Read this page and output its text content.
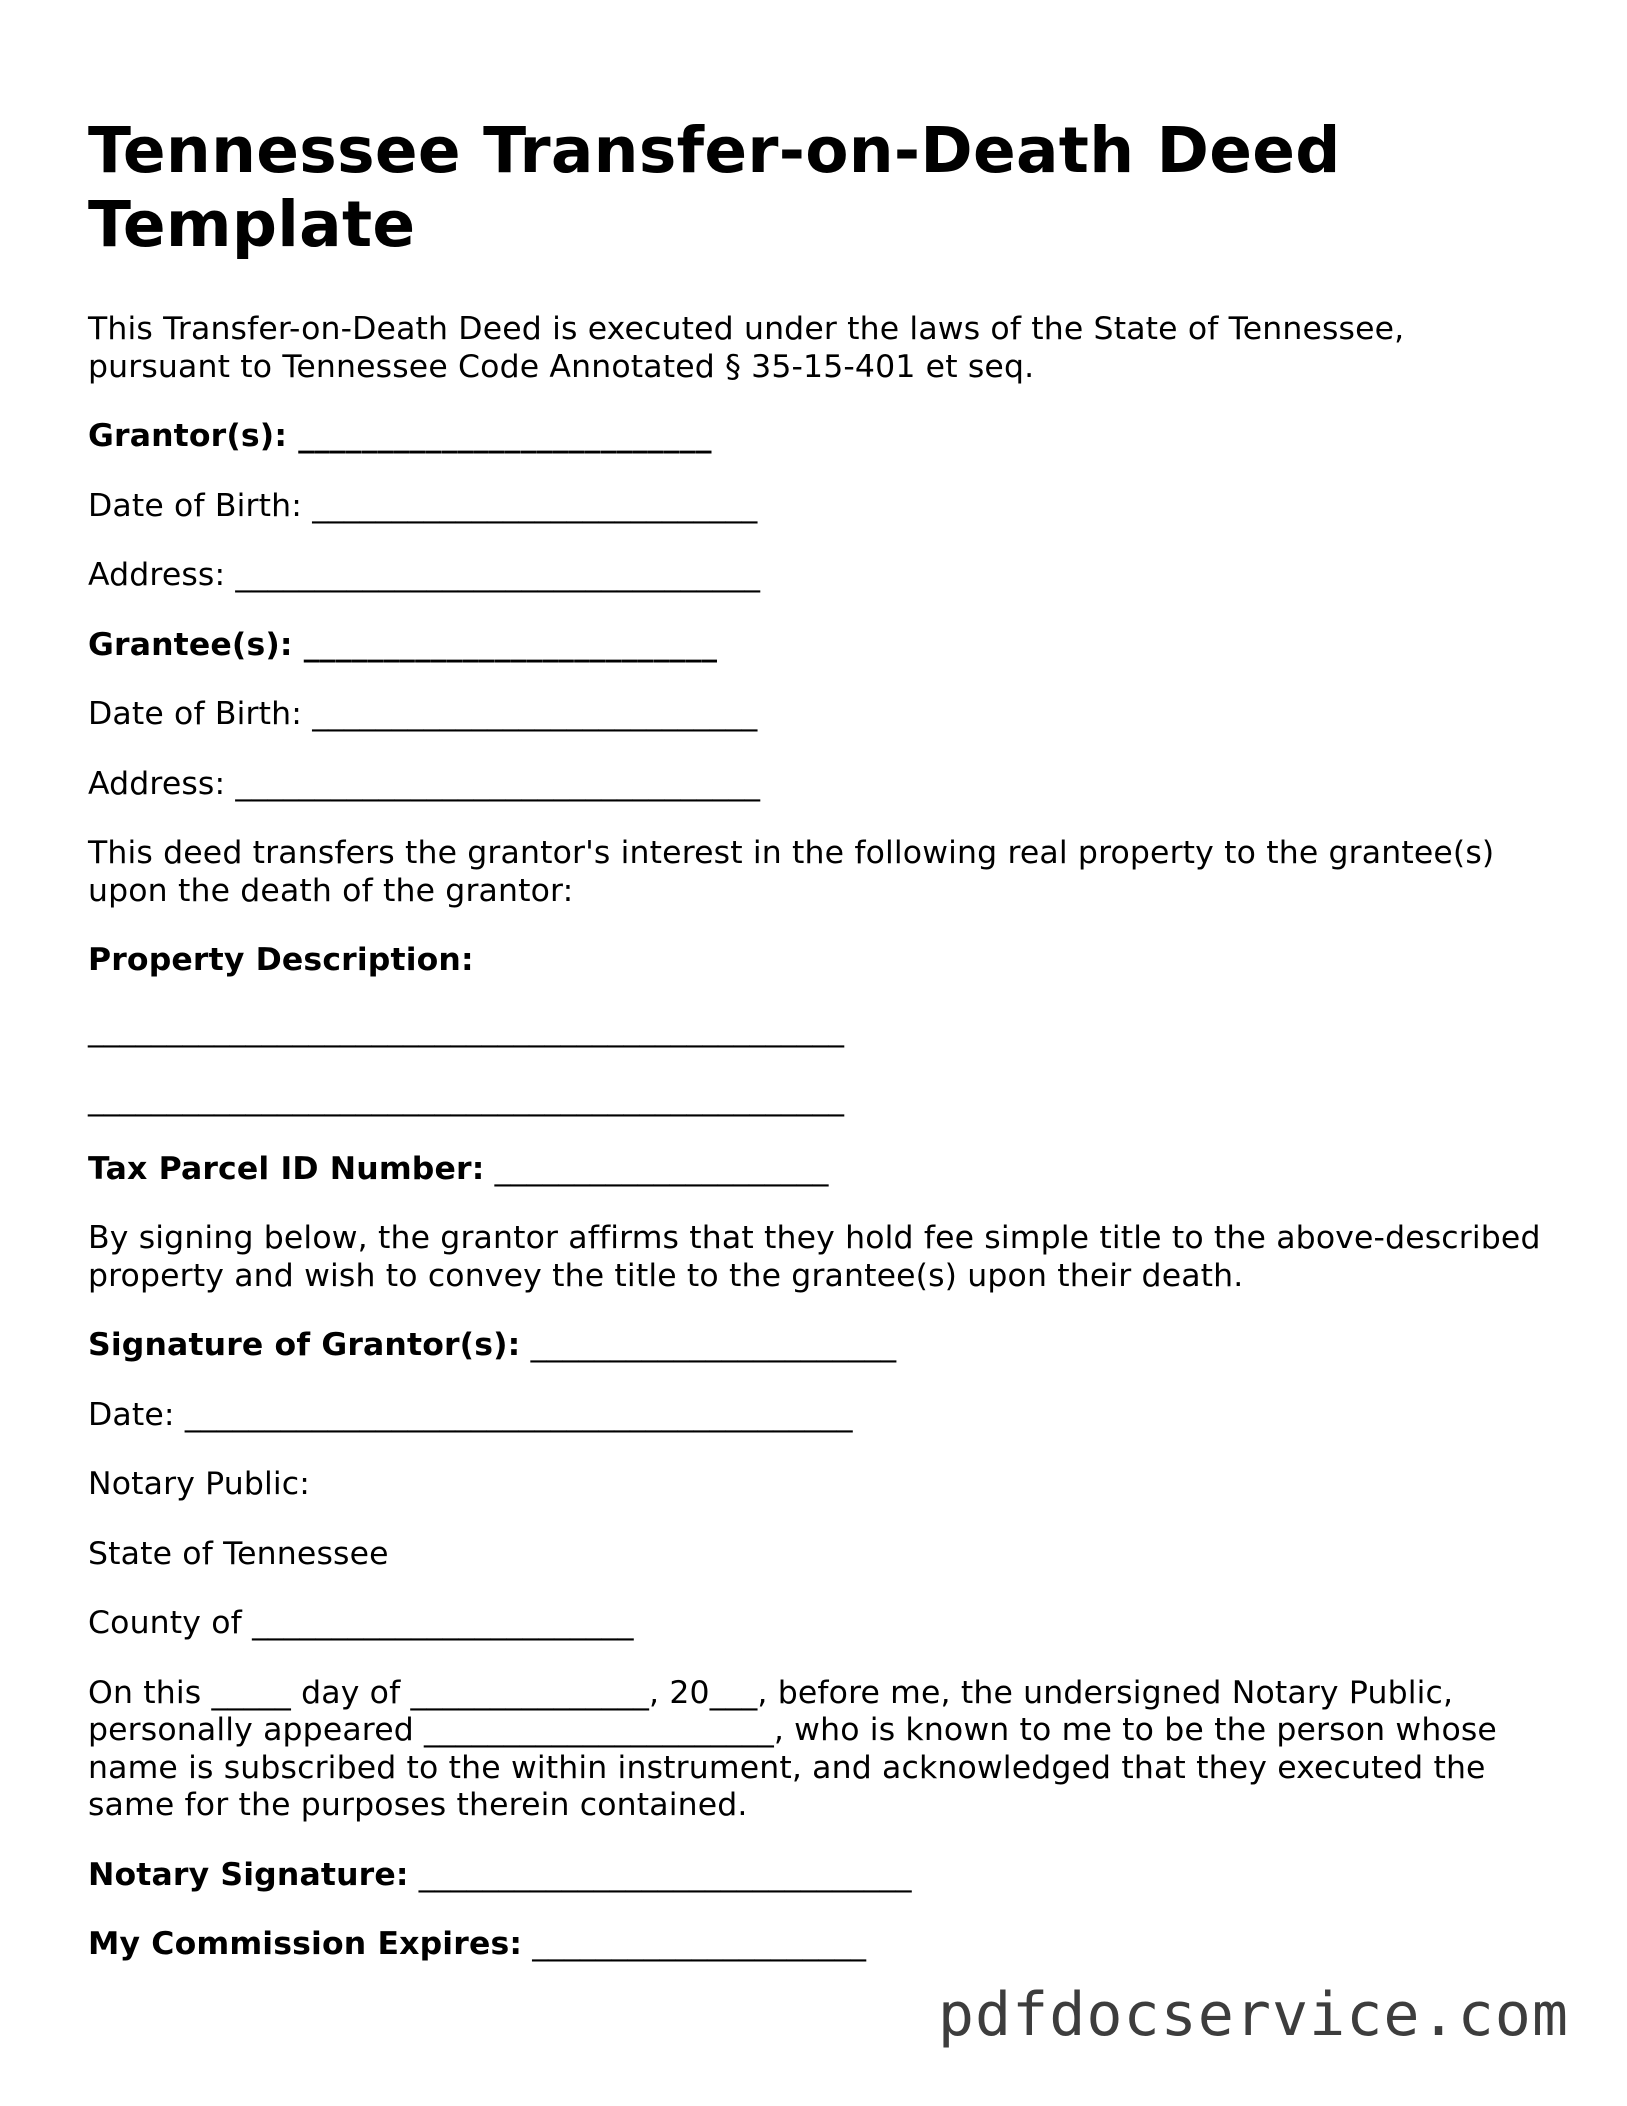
Tennessee Transfer-on-Death Deed Template

This Transfer-on-Death Deed is executed under the laws of the State of Tennessee, pursuant to Tennessee Code Annotated § 35-15-401 et seq.

Grantor(s): __________________________

Date of Birth: ____________________________

Address: _________________________________

Grantee(s): __________________________

Date of Birth: ____________________________

Address: _________________________________

This deed transfers the grantor's interest in the following real property to the grantee(s) upon the death of the grantor:

Property Description:

________________________________________________
________________________________________________

Tax Parcel ID Number: _____________________

By signing below, the grantor affirms that they hold fee simple title to the above-described property and wish to convey the title to the grantee(s) upon their death.

Signature of Grantor(s): _______________________

Date: __________________________________________

Notary Public:

State of Tennessee

County of ________________________

On this _____ day of _______________, 20___, before me, the undersigned Notary Public, personally appeared ______________________, who is known to me to be the person whose name is subscribed to the within instrument, and acknowledged that they executed the same for the purposes therein contained.

Notary Signature: _______________________________

My Commission Expires: _____________________

pdfdocservice.com
